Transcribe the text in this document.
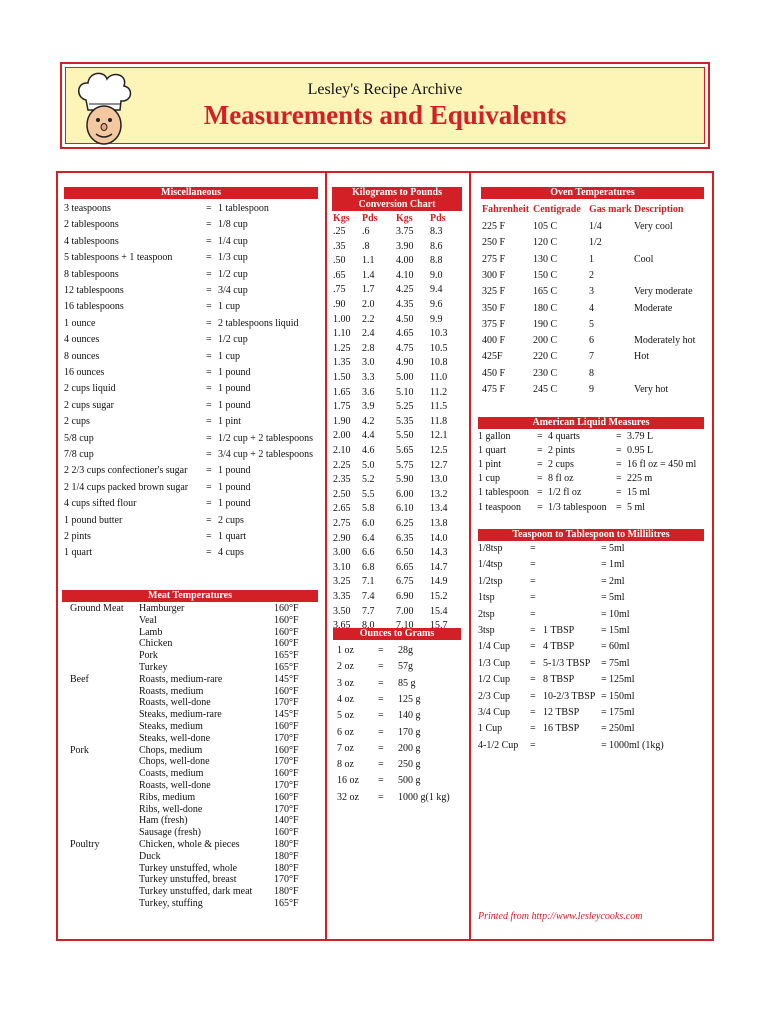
Lesley's Recipe Archive
Measurements and Equivalents
Miscellaneous
Meat Temperatures
Kilograms to Pounds
Conversion Chart
Ounces to Grams
Oven Temperatures
American Liquid Measures
Teaspoon to Tablespoon to Millilitres
3 teaspoons	= 1 tablespoon
2 tablespoons	= 1/8 cup
4 tablespoons	= 1/4 cup
5 tablespoons + 1 teaspoon	= 1/3 cup
8 tablespoons	= 1/2 cup
12 tablespoons	= 3/4 cup
16 tablespoons	= 1 cup
1 ounce	= 2 tablespoons liquid
4 ounces	= 1/2 cup
8 ounces	= 1 cup
16 ounces	= 1 pound
2 cups liquid	= 1 pound
2 cups sugar	= 1 pound
2 cups	= 1 pint
5/8 cup	= 1/2 cup + 2 tablespoons
7/8 cup	= 3/4 cup + 2 tablespoons
2 2/3 cups confectioner's sugar = 1 pound
2 1/4 cups packed brown sugar = 1 pound
4 cups sifted flour	= 1 pound
1 pound butter	= 2 cups
2 pints	= 1 quart
1 quart	= 4 cups
Ground Meat Hamburger	160°F
Veal	160°F
Lamb	160°F
Chicken	160°F
Pork	165°F
Turkey	165°F
Beef	Roasts, medium-rare	145°F
Roasts, medium	160°F
Roasts, well-done	170°F
Steaks, medium-rare	145°F
Steaks, medium	160°F
Steaks, well-done	170°F
Pork	Chops, medium	160°F
Chops, well-done	170°F
Coasts, medium	160°F
Roasts, well-done	170°F
Ribs, medium	160°F
Ribs, well-done	170°F
Ham (fresh)	140°F
Sausage (fresh)	160°F
Poultry	Chicken, whole & pieces	180°F
Duck	180°F
Turkey unstuffed, whole	180°F
Turkey unstuffed, breast	170°F
Turkey unstuffed, dark meat 180°F
Turkey, stuffing	165°F
Kgs Pds Kgs Pds
.25 .6	3.75 8.3
.35 .8	3.90 8.6
.50 1.1 4.00 8.8
.65 1.4 4.10 9.0
.75 1.7 4.25 9.4
.90 2.0 4.35 9.6
1.00 2.2 4.50 9.9
1.10 2.4 4.65 10.3
1.25 2.8 4.75 10.5
1.35 3.0 4.90 10.8
1.50 3.3 5.00 11.0
1.65 3.6 5.10 11.2
1.75 3.9 5.25 11.5
1.90 4.2 5.35 11.8
2.00 4.4 5.50 12.1
2.10 4.6 5.65 12.5
2.25 5.0 5.75 12.7
2.35 5.2 5.90 13.0
2.50 5.5 6.00 13.2
2.65 5.8 6.10 13.4
2.75 6.0 6.25 13.8
2.90 6.4 6.35 14.0
3.00 6.6 6.50 14.3
3.10 6.8 6.65 14.7
3.25 7.1 6.75 14.9
3.35 7.4 6.90 15.2
3.50 7.7 7.00 15.4
3.65 8.0 7.10 15.7
1 oz = 28g
2 oz = 57g
3 oz = 85 g
4 oz = 125 g
5 oz = 140 g
6 oz = 170 g
7 oz = 200 g
8 oz = 250 g
16 oz = 500 g
32 oz = 1000 g(1 kg)
Fahrenheit Centigrade Gas mark Description
225 F	105 C	1/4	Very cool
250 F	120 C	1/2
275 F	130 C	1	Cool
300 F	150 C	2
325 F	165 C	3	Very moderate
350 F	180 C	4	Moderate
375 F	190 C	5
400 F	200 C	6	Moderately hot
425F	220 C	7	Hot
450 F	230 C	8
475 F	245 C	9	Very hot
1 gallon	= 4 quarts	= 3.79 L
1 quart	= 2 pints	= 0.95 L
1 pint	= 2 cups	= 16 fl oz = 450 ml
1 cup	= 8 fl oz	= 225 m
1 tablespoon = 1/2 fl oz	= 15 ml
1 teaspoon = 1/3 tablespoon = 5 ml
1/8tsp	=	= 5ml
1/4tsp	=	= 1ml
1/2tsp	=	= 2ml
1tsp	=	= 5ml
2tsp	=	= 10ml
3tsp	= 1 TBSP	= 15ml
1/4 Cup = 4 TBSP	= 60ml
1/3 Cup = 5-1/3 TBSP = 75ml
1/2 Cup = 8 TBSP	= 125ml
2/3 Cup = 10-2/3 TBSP = 150ml
3/4 Cup = 12 TBSP = 175ml
1 Cup	= 16 TBSP = 250ml
4-1/2 Cup =	= 1000ml (1kg)
Printed from http://www.lesleycooks.com
